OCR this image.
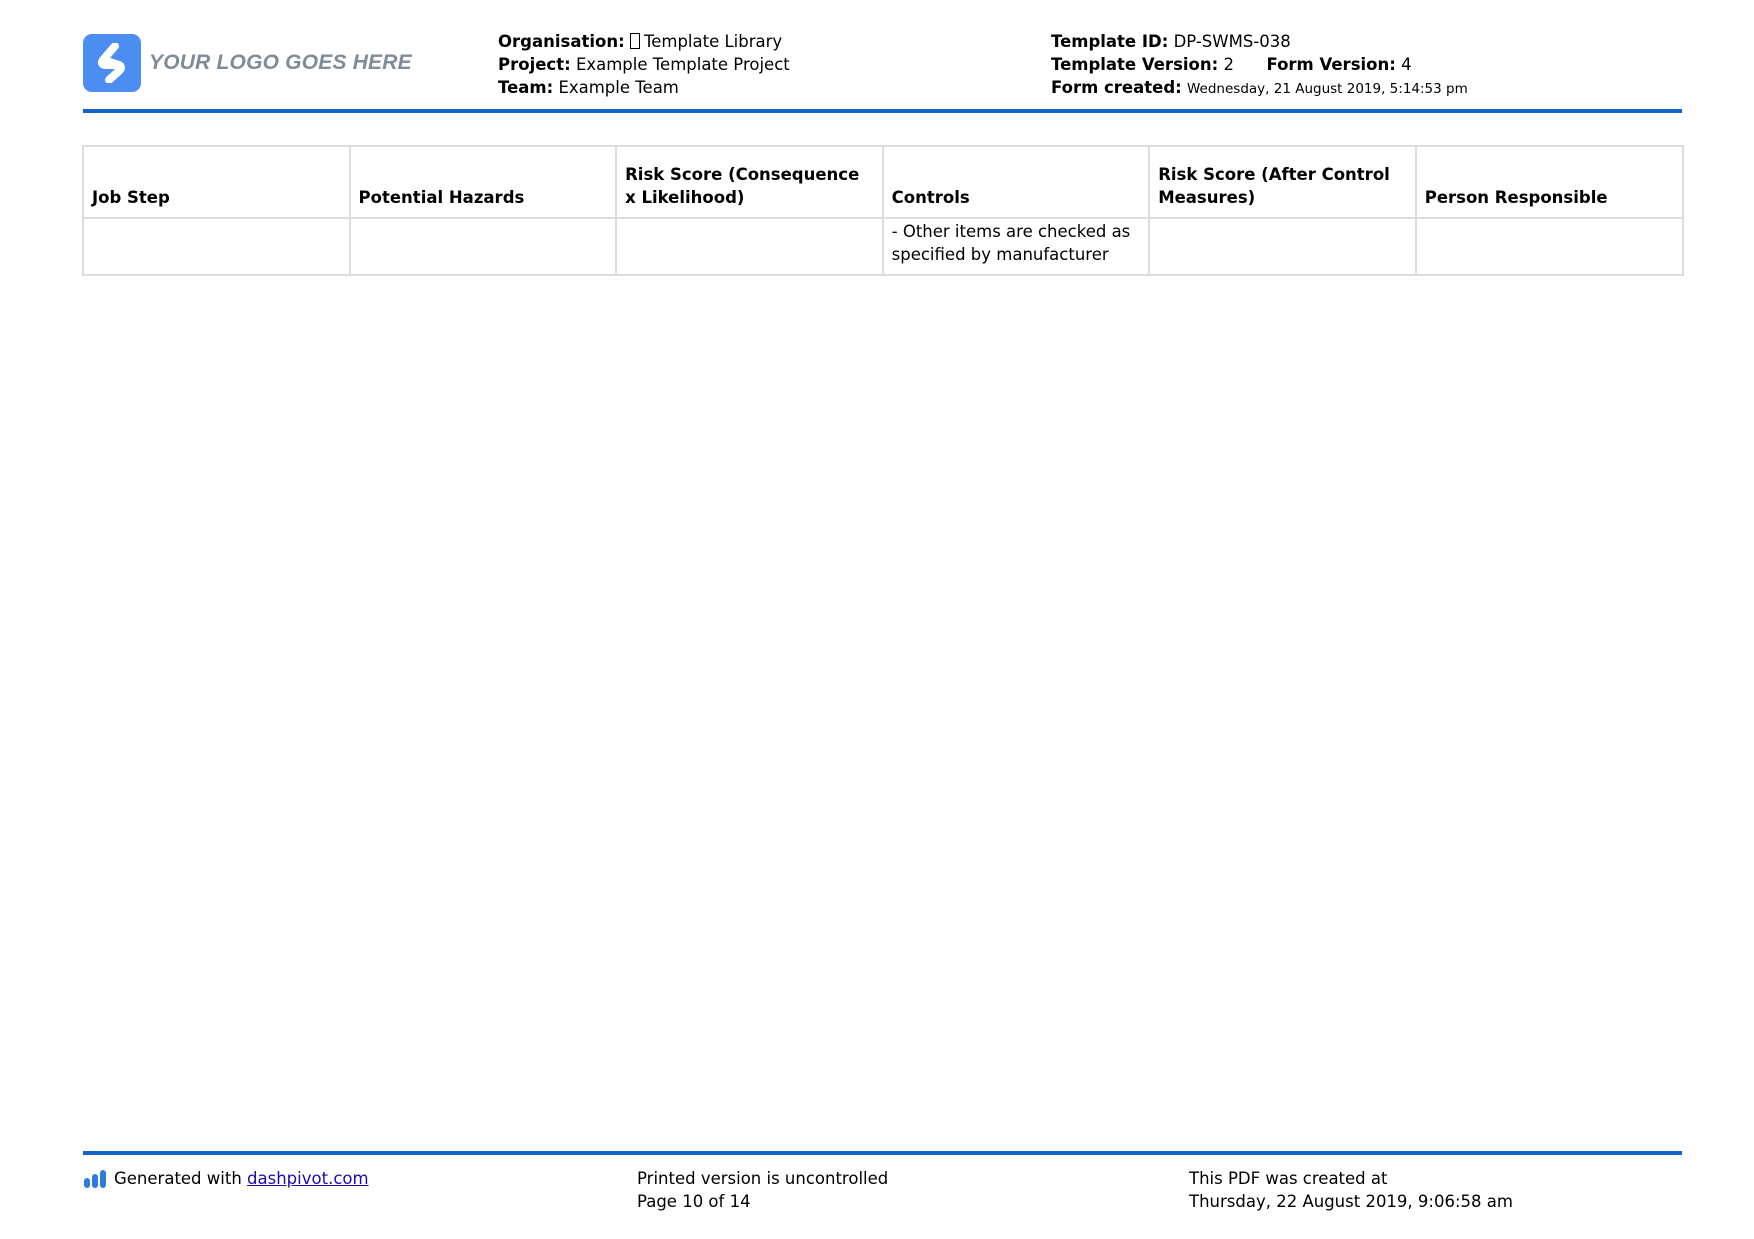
YOUR LOGO GOES HERE
Organisation: Template Library
Project: Example Template Project
Team: Example Team
Template ID: DP-SWMS-038
Template Version: 2 Form Version: 4
Form created: Wednesday, 21 August 2019, 5:14:53 pm
Job Step	Potential Hazards	Risk Score (Consequence x Likelihood)	Controls	Risk Score (After Control Measures)	Person Responsible
			- Other items are checked as specified by manufacturer		
Generated with
dashpivot.com	Printed version is uncontrolled
Page 10 of 14
This PDF was created at
Thursday, 22 August 2019, 9:06:58 am
